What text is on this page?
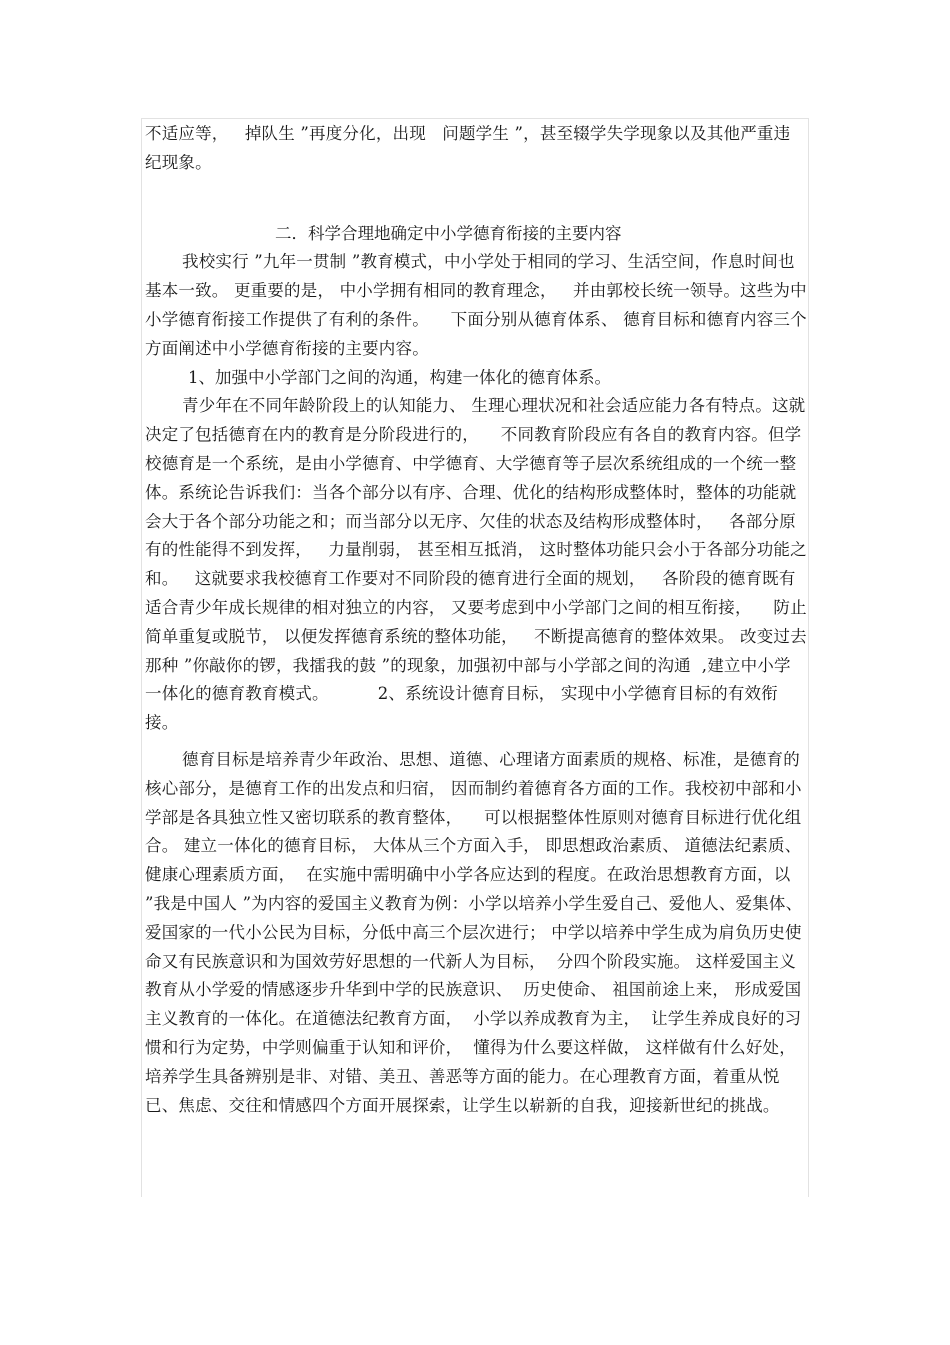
不适应等，   掉队生 ”再度分化，出现   问题学生 ”，甚至辍学失学现象以及其他严重违纪现象。

二．科学合理地确定中小学德育衔接的主要内容

我校实行 ”九年一贯制 ”教育模式，中小学处于相同的学习、生活空间，作息时间也基本一致。 更重要的是， 中小学拥有相同的教育理念，   并由郭校长统一领导。这些为中小学德育衔接工作提供了有利的条件。    下面分别从德育体系、 德育目标和德育内容三个方面阐述中小学德育衔接的主要内容。

1、加强中小学部门之间的沟通，构建一体化的德育体系。

青少年在不同年龄阶段上的认知能力、 生理心理状况和社会适应能力各有特点。这就决定了包括德育在内的教育是分阶段进行的，    不同教育阶段应有各自的教育内容。但学校德育是一个系统，是由小学德育、中学德育、大学德育等子层次系统组成的一个统一整体。系统论告诉我们：当各个部分以有序、合理、优化的结构形成整体时，整体的功能就会大于各个部分功能之和；而当部分以无序、欠佳的状态及结构形成整体时，   各部分原有的性能得不到发挥，   力量削弱， 甚至相互抵消， 这时整体功能只会小于各部分功能之和。   这就要求我校德育工作要对不同阶段的德育进行全面的规划，   各阶段的德育既有适合青少年成长规律的相对独立的内容， 又要考虑到中小学部门之间的相互衔接，    防止简单重复或脱节， 以便发挥德育系统的整体功能，   不断提高德育的整体效果。 改变过去那种 ”你敲你的锣，我擂我的鼓 ”的现象，加强初中部与小学部之间的沟通  ,建立中小学一体化的德育教育模式。         2、系统设计德育目标， 实现中小学德育目标的有效衔接。

德育目标是培养青少年政治、思想、道德、心理诸方面素质的规格、标准，是德育的核心部分，是德育工作的出发点和归宿， 因而制约着德育各方面的工作。我校初中部和小学部是各具独立性又密切联系的教育整体，    可以根据整体性原则对德育目标进行优化组合。 建立一体化的德育目标， 大体从三个方面入手， 即思想政治素质、 道德法纪素质、 健康心理素质方面，  在实施中需明确中小学各应达到的程度。在政治思想教育方面，以 ”我是中国人 ”为内容的爱国主义教育为例：小学以培养小学生爱自己、爱他人、爱集体、爱国家的一代小公民为目标，分低中高三个层次进行； 中学以培养中学生成为肩负历史使命又有民族意识和为国效劳好思想的一代新人为目标，  分四个阶段实施。 这样爱国主义教育从小学爱的情感逐步升华到中学的民族意识、  历史使命、 祖国前途上来， 形成爱国主义教育的一体化。在道德法纪教育方面，  小学以养成教育为主，  让学生养成良好的习惯和行为定势，中学则偏重于认知和评价，  懂得为什么要这样做， 这样做有什么好处，培养学生具备辨别是非、对错、美丑、善恶等方面的能力。在心理教育方面，着重从悦已、焦虑、交往和情感四个方面开展探索，让学生以崭新的自我，迎接新世纪的挑战。
